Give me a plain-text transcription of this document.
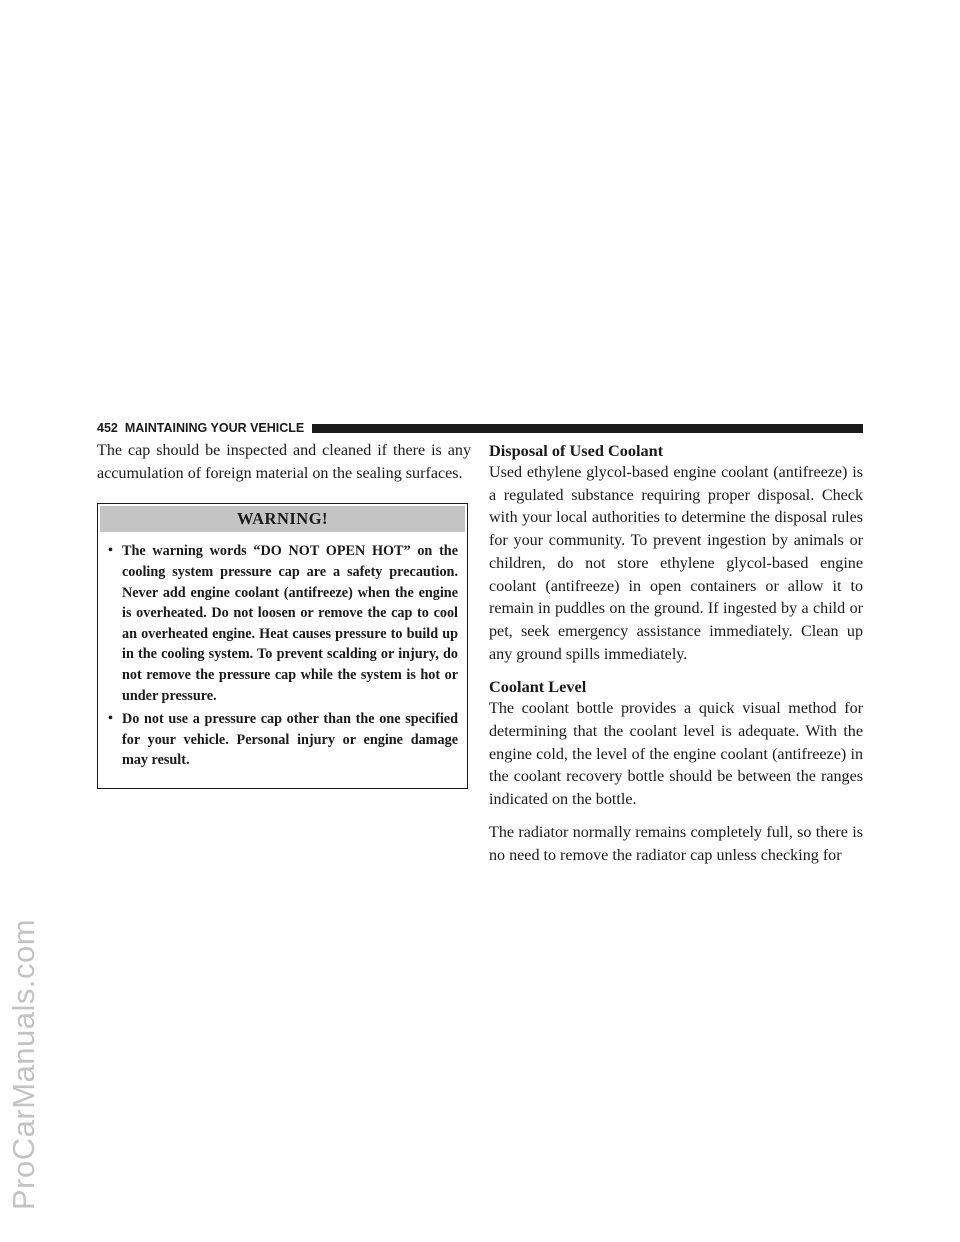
ProCarManuals.com
452 MAINTAINING YOUR VEHICLE

The cap should be inspected and cleaned if there is any accumulation of foreign material on the sealing surfaces.

WARNING!
• The warning words “DO NOT OPEN HOT” on the cooling system pressure cap are a safety precaution. Never add engine coolant (antifreeze) when the engine is overheated. Do not loosen or remove the cap to cool an overheated engine. Heat causes pressure to build up in the cooling system. To prevent scalding or injury, do not remove the pressure cap while the system is hot or under pressure.
• Do not use a pressure cap other than the one specified for your vehicle. Personal injury or engine damage may result.
Disposal of Used Coolant

Used ethylene glycol-based engine coolant (antifreeze) is a regulated substance requiring proper disposal. Check with your local authorities to determine the disposal rules for your community. To prevent ingestion by animals or children, do not store ethylene glycol-based engine coolant (antifreeze) in open containers or allow it to remain in puddles on the ground. If ingested by a child or pet, seek emergency assistance immediately. Clean up any ground spills immediately.

Coolant Level

The coolant bottle provides a quick visual method for determining that the coolant level is adequate. With the engine cold, the level of the engine coolant (antifreeze) in the coolant recovery bottle should be between the ranges indicated on the bottle.

The radiator normally remains completely full, so there is no need to remove the radiator cap unless checking for
